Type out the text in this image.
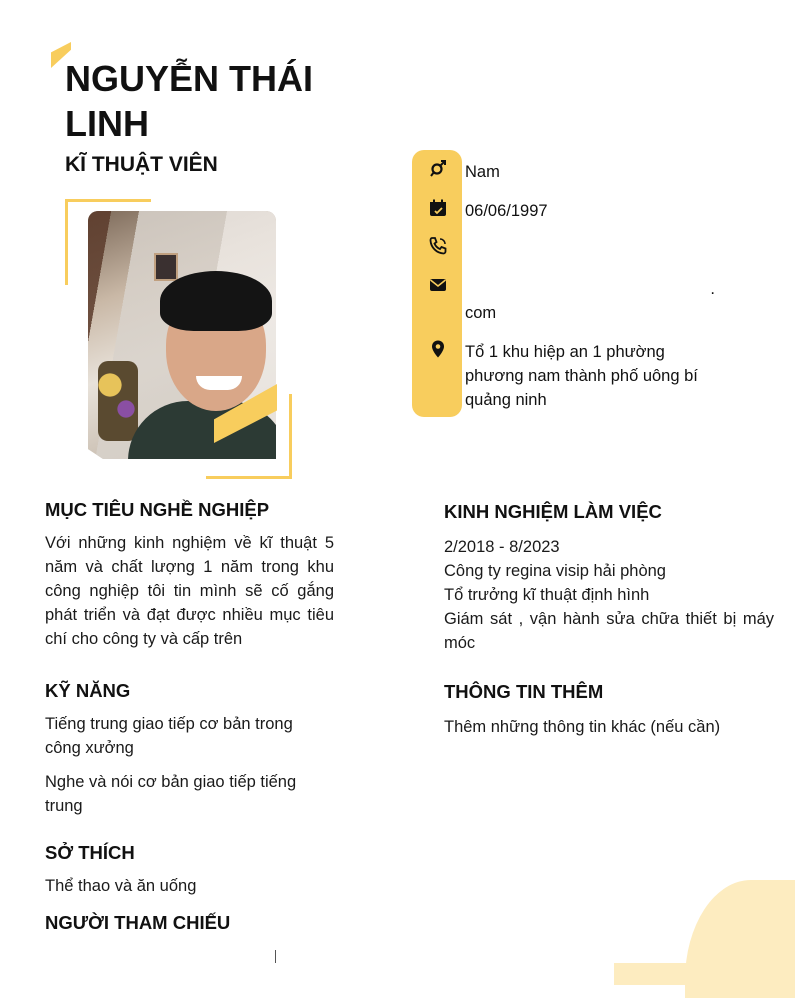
NGUYỄN THÁI LINH
KĨ THUẬT VIÊN	Nam
06/06/1997
.
com
Tổ 1 khu hiệp an 1 phường phương nam thành phố uông bí quảng ninh
MỤC TIÊU NGHỀ NGHIỆP
Với những kinh nghiệm về kĩ thuật 5 năm và chất lượng 1 năm trong khu công nghiệp tôi tin mình sẽ cố gắng phát triển và đạt được nhiều mục tiêu chí cho công ty và cấp trên
KỸ NĂNG
Tiếng trung giao tiếp cơ bản trong công xưởng
Nghe và nói cơ bản giao tiếp tiếng trung
SỞ THÍCH
Thể thao và ăn uống
NGƯỜI THAM CHIẾU
KINH NGHIỆM LÀM VIỆC
2/2018 - 8/2023
Công ty regina visip hải phòng
Tổ trưởng kĩ thuật định hình
Giám sát , vận hành sửa chữa thiết bị máy móc
THÔNG TIN THÊM
Thêm những thông tin khác (nếu cần)
